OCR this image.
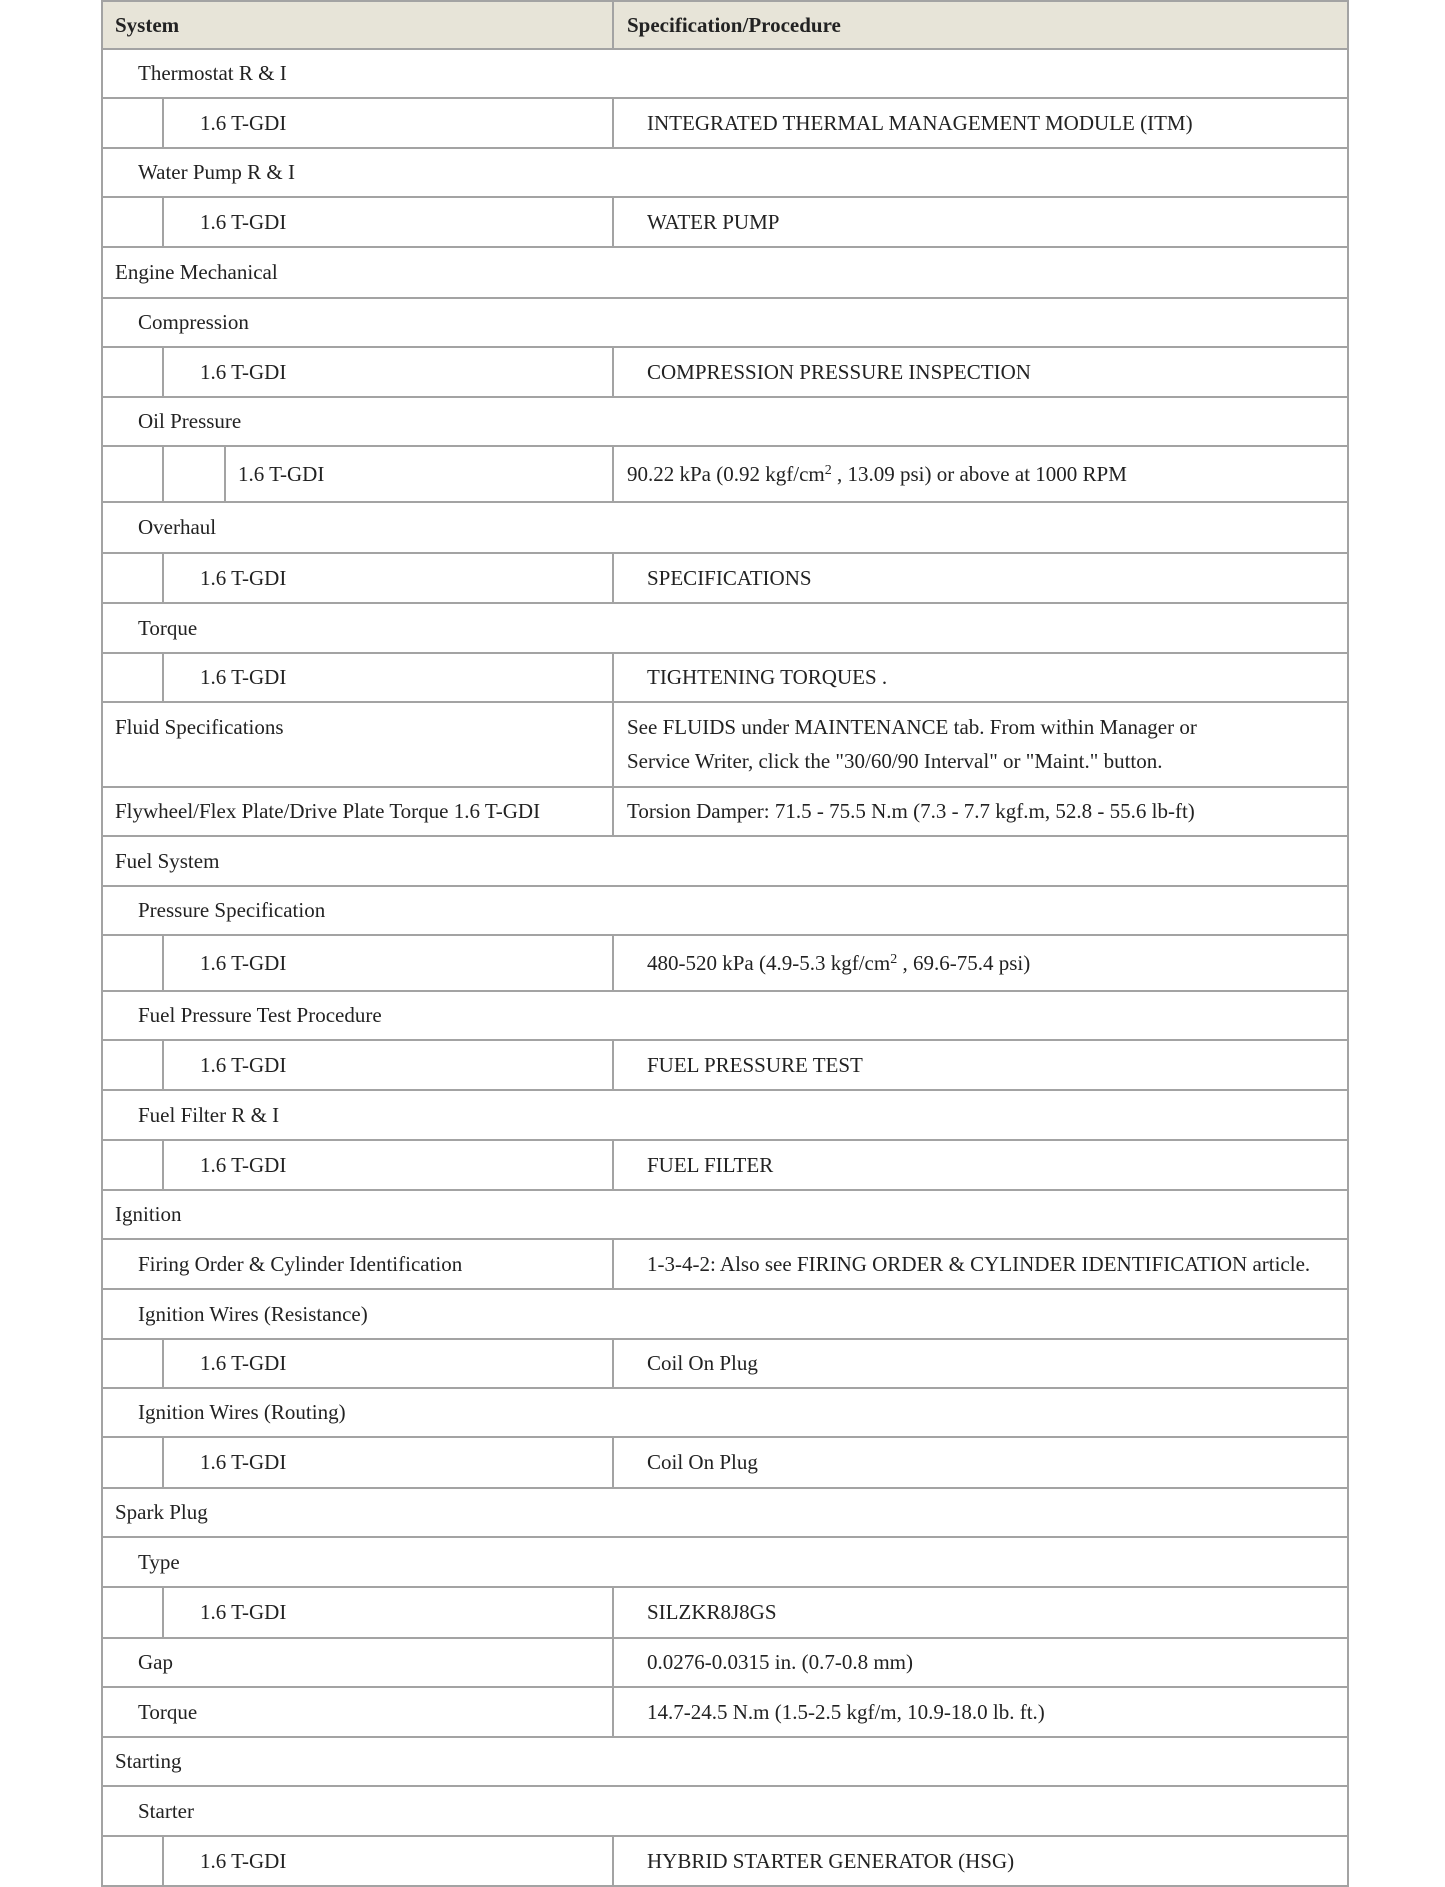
System	Specification/Procedure
Thermostat R & I
1.6 T-GDI	INTEGRATED THERMAL MANAGEMENT MODULE (ITM)
Water Pump R & I
1.6 T-GDI	WATER PUMP
Engine Mechanical
Compression
1.6 T-GDI	COMPRESSION PRESSURE INSPECTION
Oil Pressure
1.6 T-GDI	90.22 kPa (0.92 kgf/$cm^2$ , 13.09 psi) or above at 1000 RPM
Overhaul
1.6 T-GDI	SPECIFICATIONS
Torque
1.6 T-GDI	TIGHTENING TORQUES .
Fluid Specifications	See FLUIDS under MAINTENANCE tab. From within Manager or Service Writer, click the "30/60/90 Interval" or "Maint." button.
Flywheel/Flex Plate/Drive Plate Torque 1.6 T-GDI	Torsion Damper: 71.5 - 75.5 N.m (7.3 - 7.7 kgf.m, 52.8 - 55.6 lb-ft)
Fuel System
Pressure Specification
1.6 T-GDI	480-520 kPa (4.9-5.3 kgf/$cm^2$ , 69.6-75.4 psi)
Fuel Pressure Test Procedure
1.6 T-GDI	FUEL PRESSURE TEST
Fuel Filter R & I
1.6 T-GDI	FUEL FILTER
Ignition
Firing Order & Cylinder Identification	1-3-4-2: Also see FIRING ORDER & CYLINDER IDENTIFICATION article.
Ignition Wires (Resistance)
1.6 T-GDI	Coil On Plug
Ignition Wires (Routing)
1.6 T-GDI	Coil On Plug
Spark Plug
Type
1.6 T-GDI	SILZKR8J8GS
Gap	0.0276-0.0315 in. (0.7-0.8 mm)
Torque	14.7-24.5 N.m (1.5-2.5 kgf/m, 10.9-18.0 lb. ft.)
Starting
Starter
1.6 T-GDI	HYBRID STARTER GENERATOR (HSG)
